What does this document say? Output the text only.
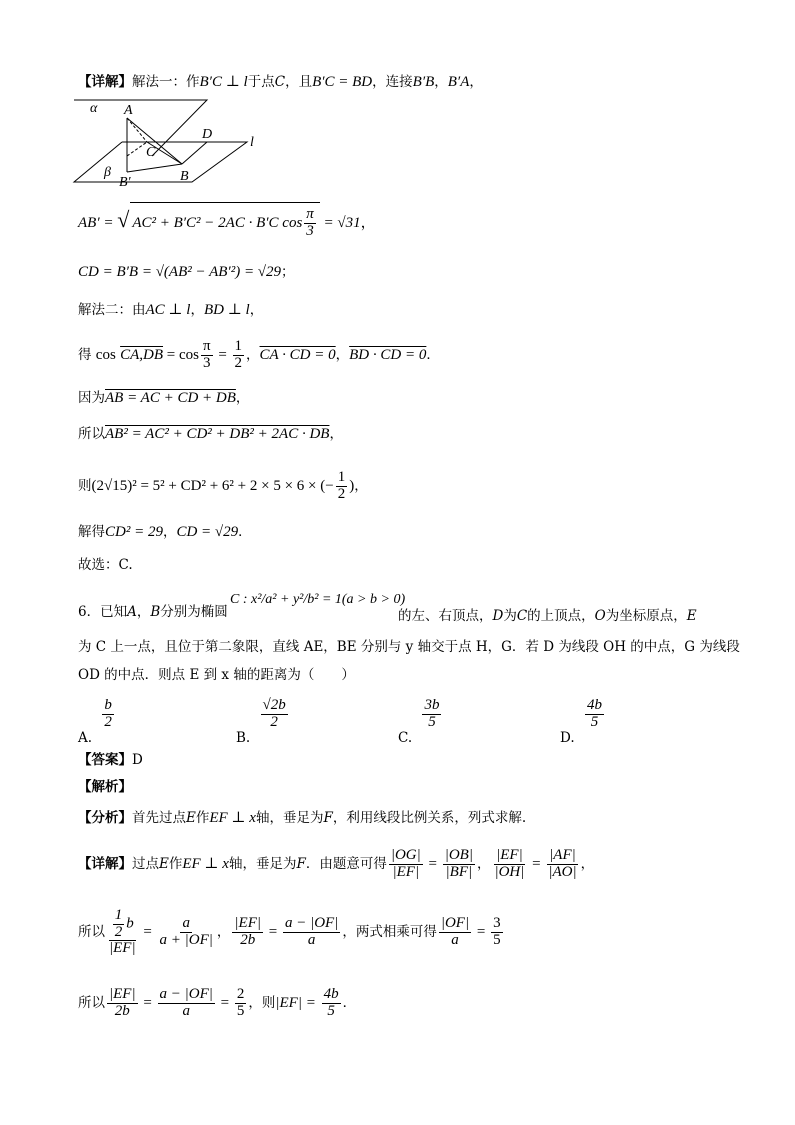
【详解】解法一：作B′C ⊥ l于点C，且B′C = BD，连接B′B，B′A，
α A
D
l
C
β
B′	B
AB′ = √ AC² + B′C² − 2AC · B′C $\cos \frac{\pi}{3} = √31$，
CD = B′B = √(AB² − AB′²) = √29；
解法二：由AC ⊥ l，BD ⊥ l，
得 $\cos CA,DB = \cos \frac{\pi}{3} = \frac{1}{2}$ ，CA · CD = 0，BD · CD = 0．
因为AB = AC + CD + DB，
所以AB² = AC² + CD² + DB² + 2AC · DB，
则(2√15)² = 5² + CD² + 6² + 2 × 5 × 6 × (− $\frac{1}{2}$ )，
解得CD² = 29，CD = √29．
故选：C.
6．已知A，B分别为椭圆
C : x²/a² + y²/b² = 1(a > b > 0)
的左、右顶点，D为C的上顶点，O为坐标原点，E
为 C 上一点，且位于第二象限，直线 AE，BE 分别与 y 轴交于点 H，G．若 D 为线段 OH 的中点，G 为线段
OD 的中点．则点 E 到 x 轴的距离为（　　）
A.
$\frac{b}{2}$
B.
$\frac{√2b}{2}$
C.
$\frac{3b}{5}$
D.
$\frac{4b}{5}$
【答案】D
【解析】
【分析】首先过点E作EF ⊥ x轴，垂足为F，利用线段比例关系，列式求解.
【详解】过点E作EF ⊥ x轴，垂足为F．由题意可得 $\frac{|OG|}{|EF|} = \frac{|OB|}{|BF|}$ ， $\frac{|EF|}{|OH|} = \frac{|AF|}{|AO|}$ ，
所以 $\frac{\frac{1}{2} b}{|EF|} = \frac{a}{a + |OF|}$ ， $\frac{|EF|}{2b} = \frac{a - |OF|}{a}$ ，两式相乘可得 $\frac{|OF|}{a} = \frac{3}{5}$
所以 $\frac{|EF|}{2b} = \frac{a - |OF|}{a} = \frac{2}{5}$ ，则$|EF| = \frac{4b}{5}$ ．
